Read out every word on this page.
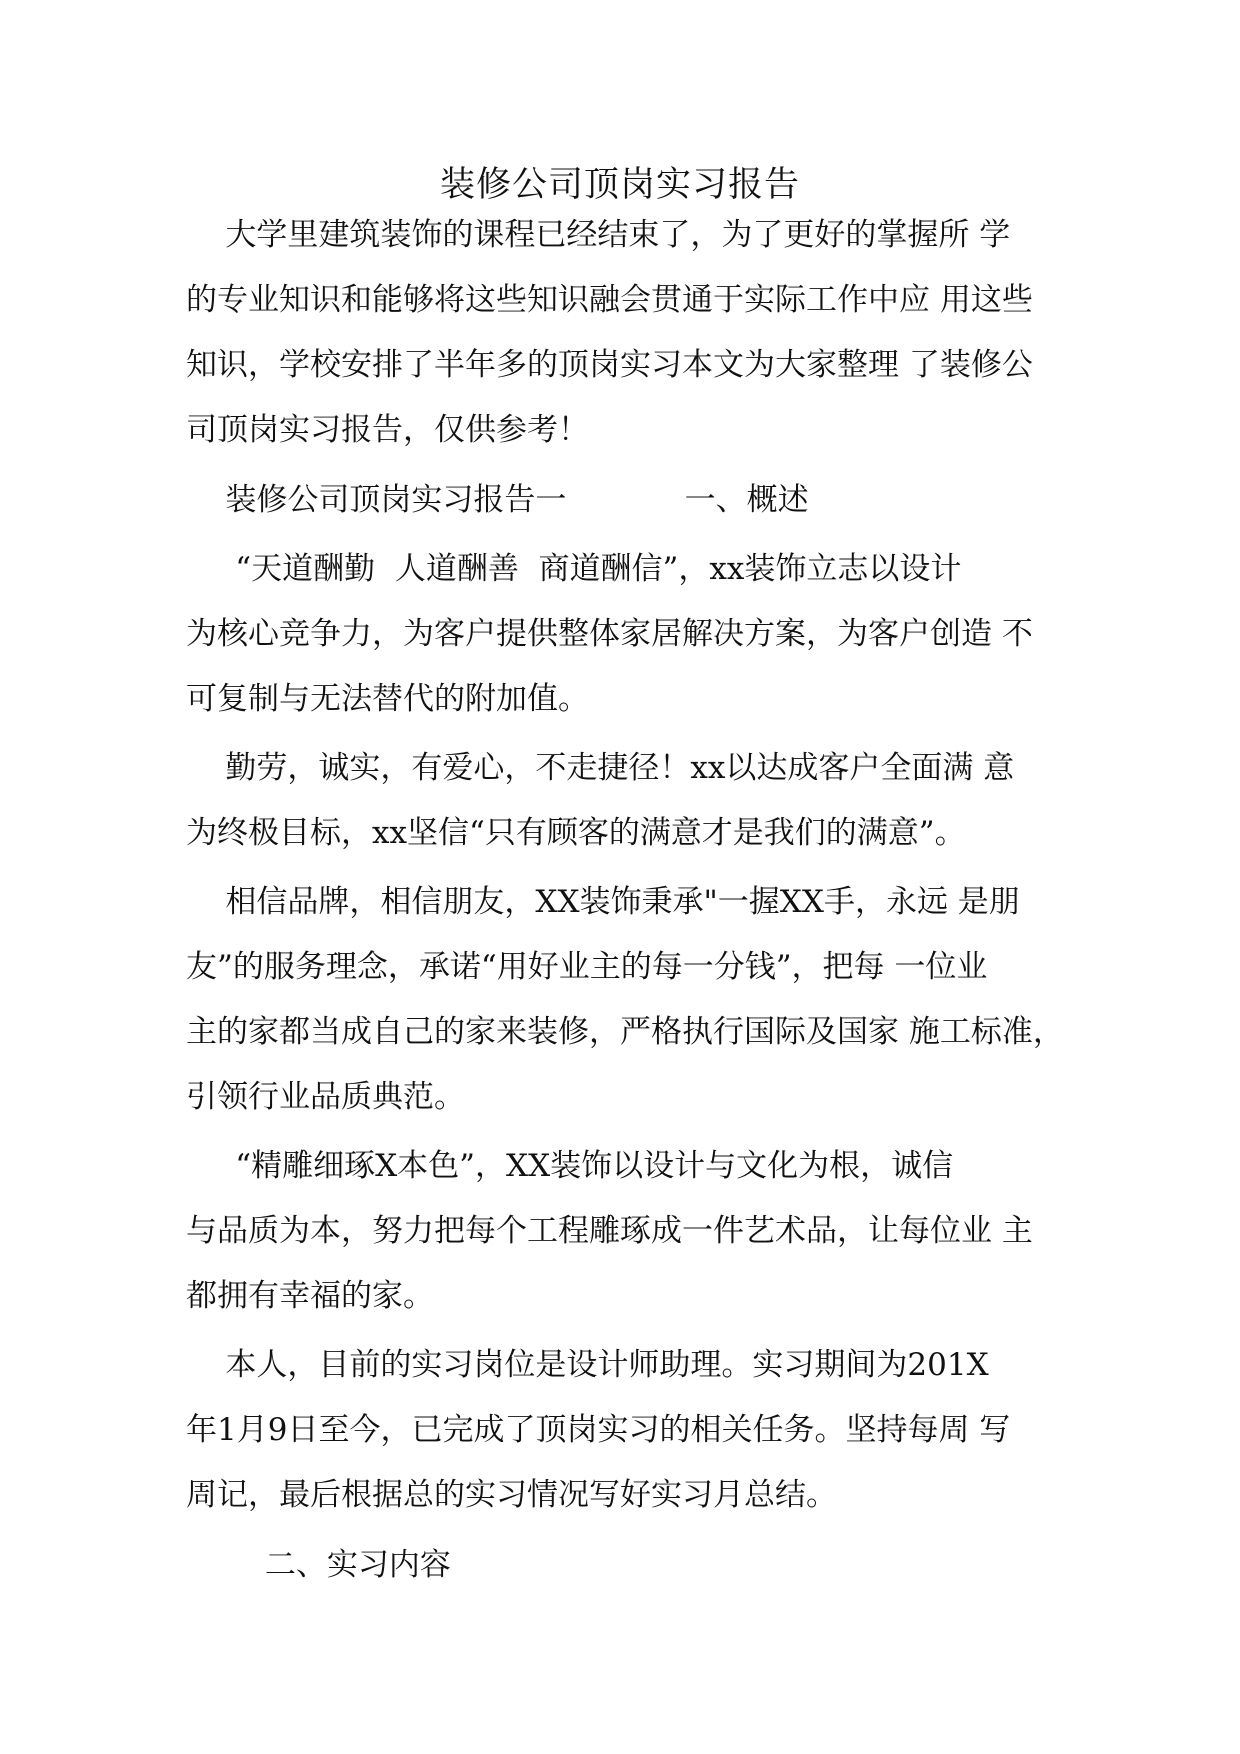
装修公司顶岗实习报告
大学里建筑装饰的课程已经结束了，为了更好的掌握所 学
的专业知识和能够将这些知识融会贯通于实际工作中应 用这些
知识，学校安排了半年多的顶岗实习本文为大家整理 了装修公
司顶岗实习报告，仅供参考！
装修公司顶岗实习报告一            一、概述
“天道酬勤  人道酬善  商道酬信”，xx装饰立志以设计
为核心竞争力，为客户提供整体家居解决方案，为客户创造 不
可复制与无法替代的附加值。
勤劳，诚实，有爱心，不走捷径！xx以达成客户全面满 意
为终极目标，xx坚信“只有顾客的满意才是我们的满意”。
相信品牌，相信朋友，XX装饰秉承"一握XX手，永远 是朋
友”的服务理念，承诺“用好业主的每一分钱”，把每 一位业
主的家都当成自己的家来装修，严格执行国际及国家 施工标准，
引领行业品质典范。
“精雕细琢X本色”，XX装饰以设计与文化为根，诚信
与品质为本，努力把每个工程雕琢成一件艺术品，让每位业 主
都拥有幸福的家。
本人，目前的实习岗位是设计师助理。实习期间为201X
年1月9日至今，已完成了顶岗实习的相关任务。坚持每周 写
周记，最后根据总的实习情况写好实习月总结。
二、实习内容
